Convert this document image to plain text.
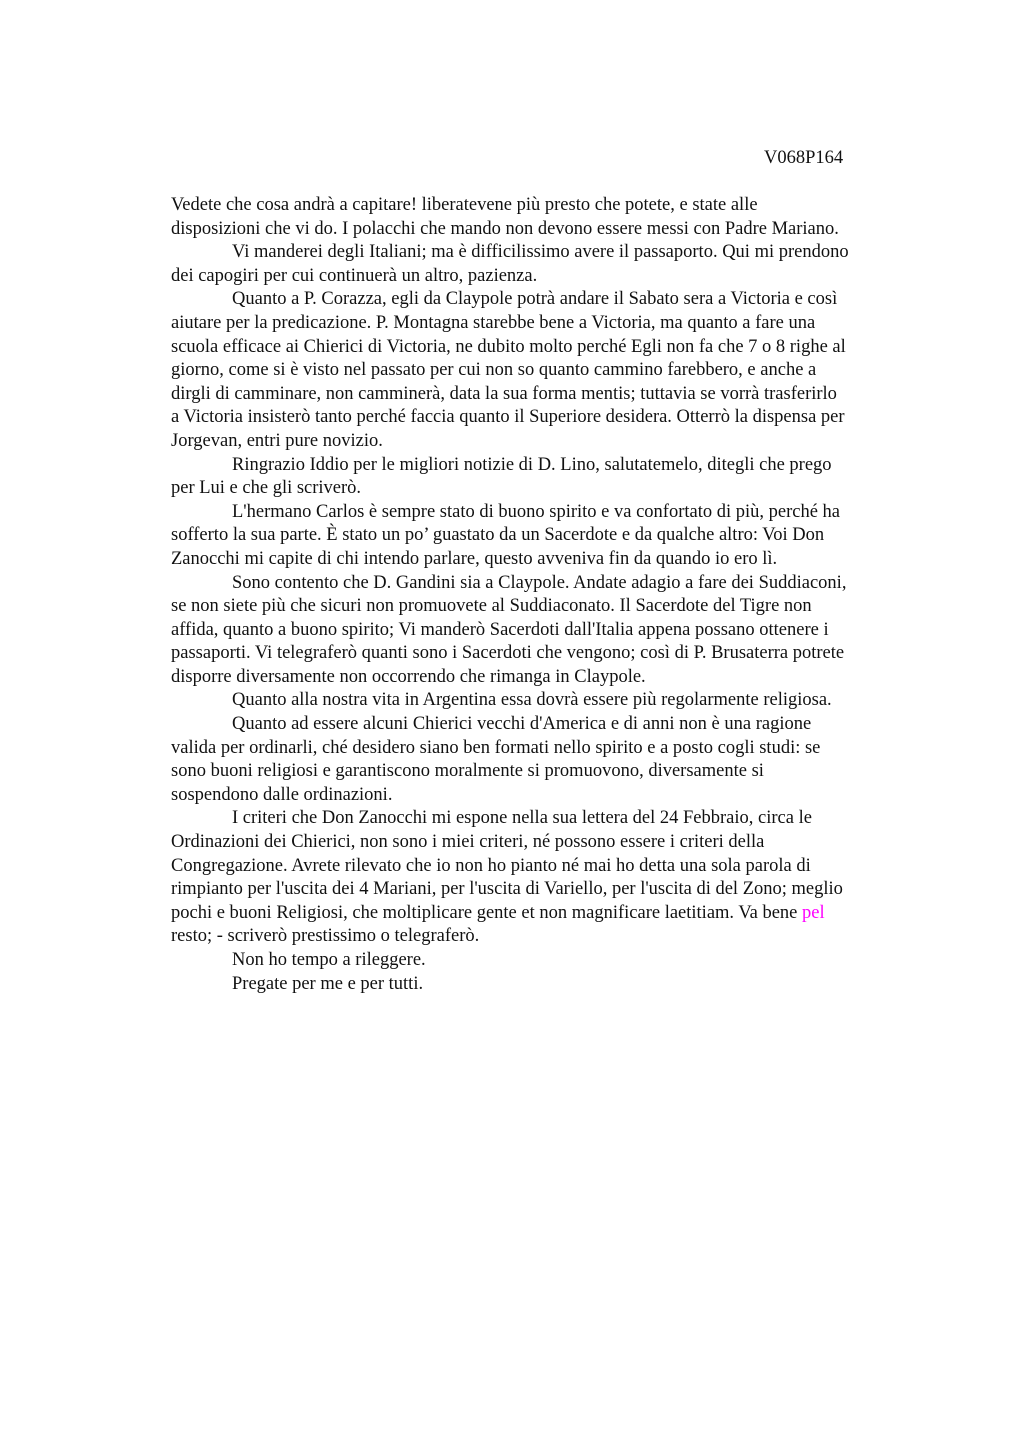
V068P164

Vedete che cosa andrà a capitare! liberatevene più presto che potete, e state alle
disposizioni che vi do. I polacchi che mando non devono essere messi con Padre Mariano.

Vi manderei degli Italiani; ma è difficilissimo avere il passaporto. Qui mi prendono
dei capogiri per cui continuerà un altro, pazienza.

Quanto a P. Corazza, egli da Claypole potrà andare il Sabato sera a Victoria e così
aiutare per la predicazione. P. Montagna starebbe bene a Victoria, ma quanto a fare una
scuola efficace ai Chierici di Victoria, ne dubito molto perché Egli non fa che 7 o 8 righe al
giorno, come si è visto nel passato per cui non so quanto cammino farebbero, e anche a
dirgli di camminare, non camminerà, data la sua forma mentis; tuttavia se vorrà trasferirlo
a Victoria insisterò tanto perché faccia quanto il Superiore desidera. Otterrò la dispensa per
Jorgevan, entri pure novizio.

Ringrazio Iddio per le migliori notizie di D. Lino, salutatemelo, ditegli che prego
per Lui e che gli scriverò.

L'hermano Carlos è sempre stato di buono spirito e va confortato di più, perché ha
sofferto la sua parte. È stato un po’ guastato da un Sacerdote e da qualche altro: Voi Don
Zanocchi mi capite di chi intendo parlare, questo avveniva fin da quando io ero lì.

Sono contento che D. Gandini sia a Claypole. Andate adagio a fare dei Suddiaconi,
se non siete più che sicuri non promuovete al Suddiaconato. Il Sacerdote del Tigre non
affida, quanto a buono spirito; Vi manderò Sacerdoti dall'Italia appena possano ottenere i
passaporti. Vi telegraferò quanti sono i Sacerdoti che vengono; così di P. Brusaterra potrete
disporre diversamente non occorrendo che rimanga in Claypole.

Quanto alla nostra vita in Argentina essa dovrà essere più regolarmente religiosa.

Quanto ad essere alcuni Chierici vecchi d'America e di anni non è una ragione
valida per ordinarli, ché desidero siano ben formati nello spirito e a posto cogli studi: se
sono buoni religiosi e garantiscono moralmente si promuovono, diversamente si
sospendono dalle ordinazioni.

I criteri che Don Zanocchi mi espone nella sua lettera del 24 Febbraio, circa le
Ordinazioni dei Chierici, non sono i miei criteri, né possono essere i criteri della
Congregazione. Avrete rilevato che io non ho pianto né mai ho detta una sola parola di
rimpianto per l'uscita dei 4 Mariani, per l'uscita di Variello, per l'uscita di del Zono; meglio
pochi e buoni Religiosi, che moltiplicare gente et non magnificare laetitiam. Va bene pel
resto; - scriverò prestissimo o telegraferò.

Non ho tempo a rileggere.

Pregate per me e per tutti.
